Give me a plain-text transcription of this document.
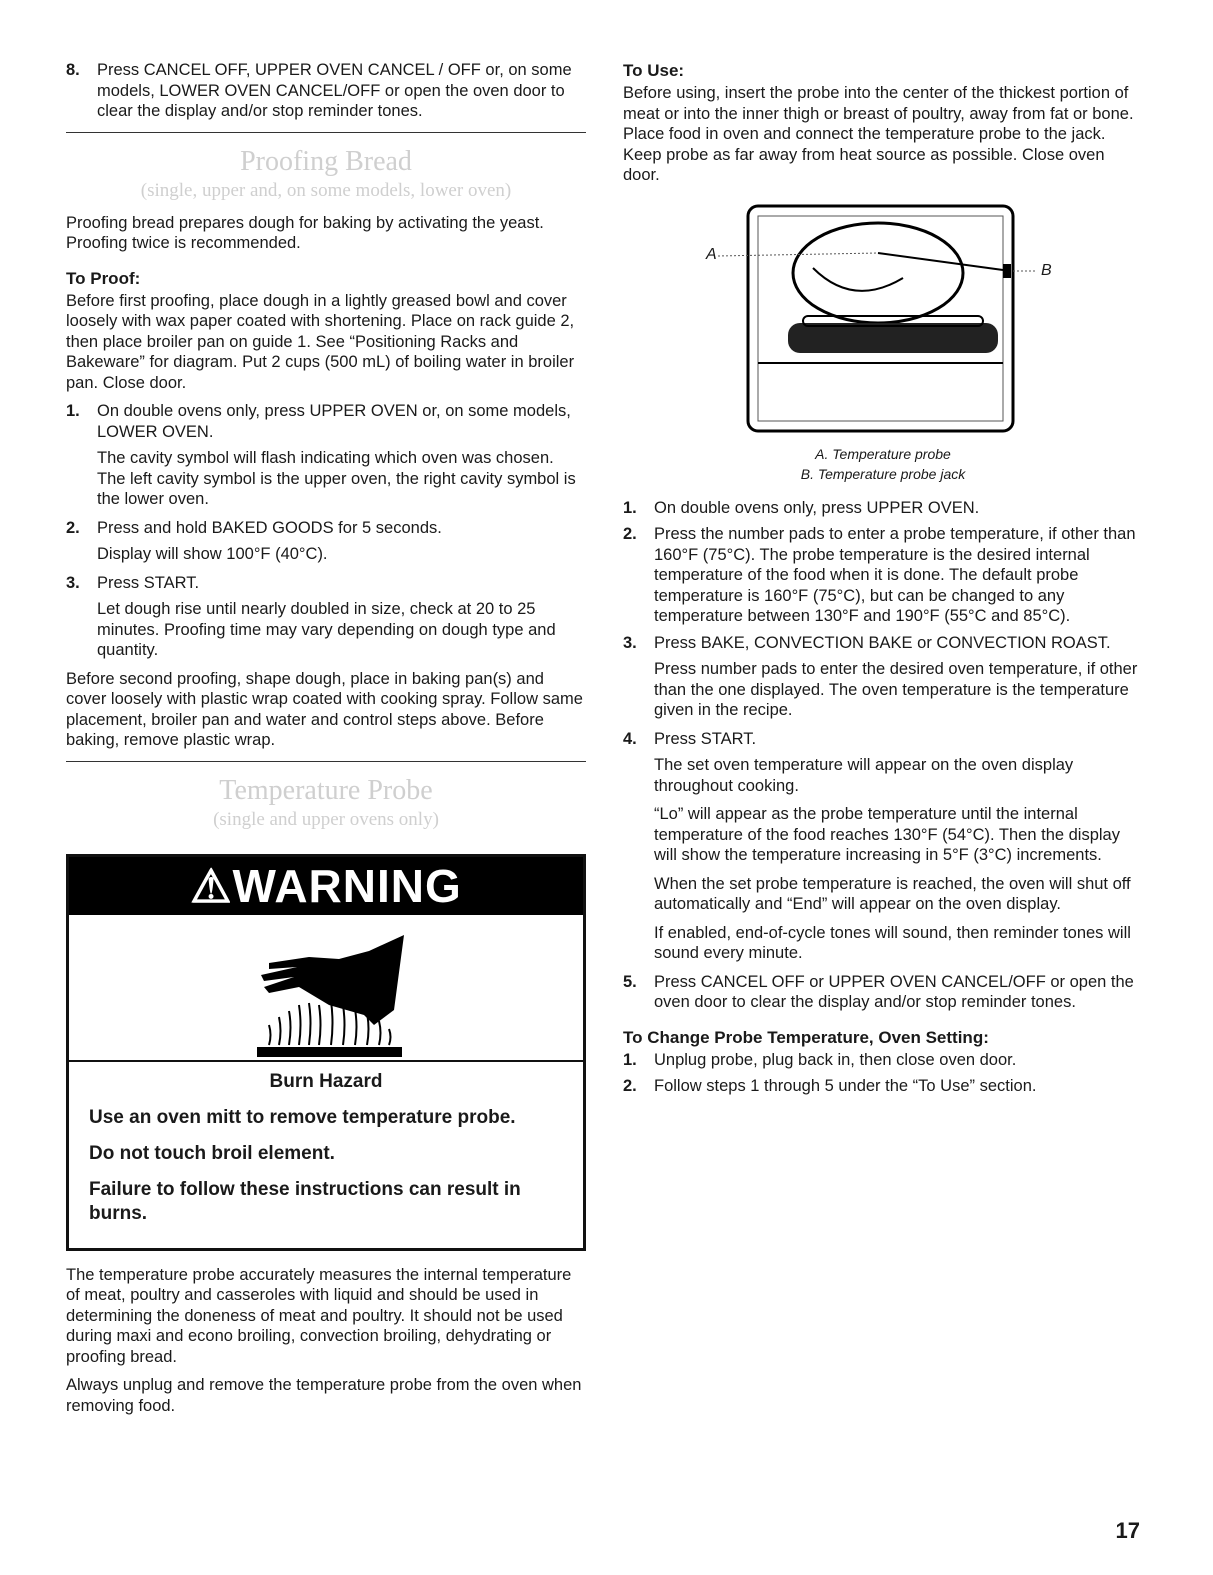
8.	Press CANCEL OFF, UPPER OVEN CANCEL / OFF or, on some models, LOWER OVEN CANCEL/OFF or open the oven door to clear the display and/or stop reminder tones.
Proofing Bread
(single, upper and, on some models, lower oven)

Proofing bread prepares dough for baking by activating the yeast. Proofing twice is recommended.

To Proof:

Before first proofing, place dough in a lightly greased bowl and cover loosely with wax paper coated with shortening. Place on rack guide 2, then place broiler pan on guide 1. See “Positioning Racks and Bakeware” for diagram. Put 2 cups (500 mL) of boiling water in broiler pan. Close door.

1.	On double ovens only, press UPPER OVEN or, on some models, LOWER OVEN.
The cavity symbol will flash indicating which oven was chosen. The left cavity symbol is the upper oven, the right cavity symbol is the lower oven.
2.	Press and hold BAKED GOODS for 5 seconds.
Display will show 100°F (40°C).
3.	Press START.
Let dough rise until nearly doubled in size, check at 20 to 25 minutes. Proofing time may vary depending on dough type and quantity.

Before second proofing, shape dough, place in baking pan(s) and cover loosely with plastic wrap coated with cooking spray. Follow same placement, broiler pan and water and control steps above. Before baking, remove plastic wrap.

Temperature Probe
(single and upper ovens only)
⚠WARNING
Burn Hazard
Use an oven mitt to remove temperature probe.
Do not touch broil element.
Failure to follow these instructions can result in burns.

The temperature probe accurately measures the internal temperature of meat, poultry and casseroles with liquid and should be used in determining the doneness of meat and poultry. It should not be used during maxi and econo broiling, convection broiling, dehydrating or proofing bread.

Always unplug and remove the temperature probe from the oven when removing food.

To Use:

Before using, insert the probe into the center of the thickest portion of meat or into the inner thigh or breast of poultry, away from fat or bone. Place food in oven and connect the temperature probe to the jack. Keep probe as far away from heat source as possible. Close oven door.

A
B
A. Temperature probe
B. Temperature probe jack
1.	On double ovens only, press UPPER OVEN.
2.	Press the number pads to enter a probe temperature, if other than 160°F (75°C). The probe temperature is the desired internal temperature of the food when it is done. The default probe temperature is 160°F (75°C), but can be changed to any temperature between 130°F and 190°F (55°C and 85°C).
3.	Press BAKE, CONVECTION BAKE or CONVECTION ROAST.
Press number pads to enter the desired oven temperature, if other than the one displayed. The oven temperature is the temperature given in the recipe.
4.	Press START.
The set oven temperature will appear on the oven display throughout cooking.
“Lo” will appear as the probe temperature until the internal temperature of the food reaches 130°F (54°C). Then the display will show the temperature increasing in 5°F (3°C) increments.
When the set probe temperature is reached, the oven will shut off automatically and “End” will appear on the oven display.
If enabled, end-of-cycle tones will sound, then reminder tones will sound every minute.
5.	Press CANCEL OFF or UPPER OVEN CANCEL/OFF or open the oven door to clear the display and/or stop reminder tones.
To Change Probe Temperature, Oven Setting:
1.	Unplug probe, plug back in, then close oven door.
2.	Follow steps 1 through 5 under the “To Use” section.
17
